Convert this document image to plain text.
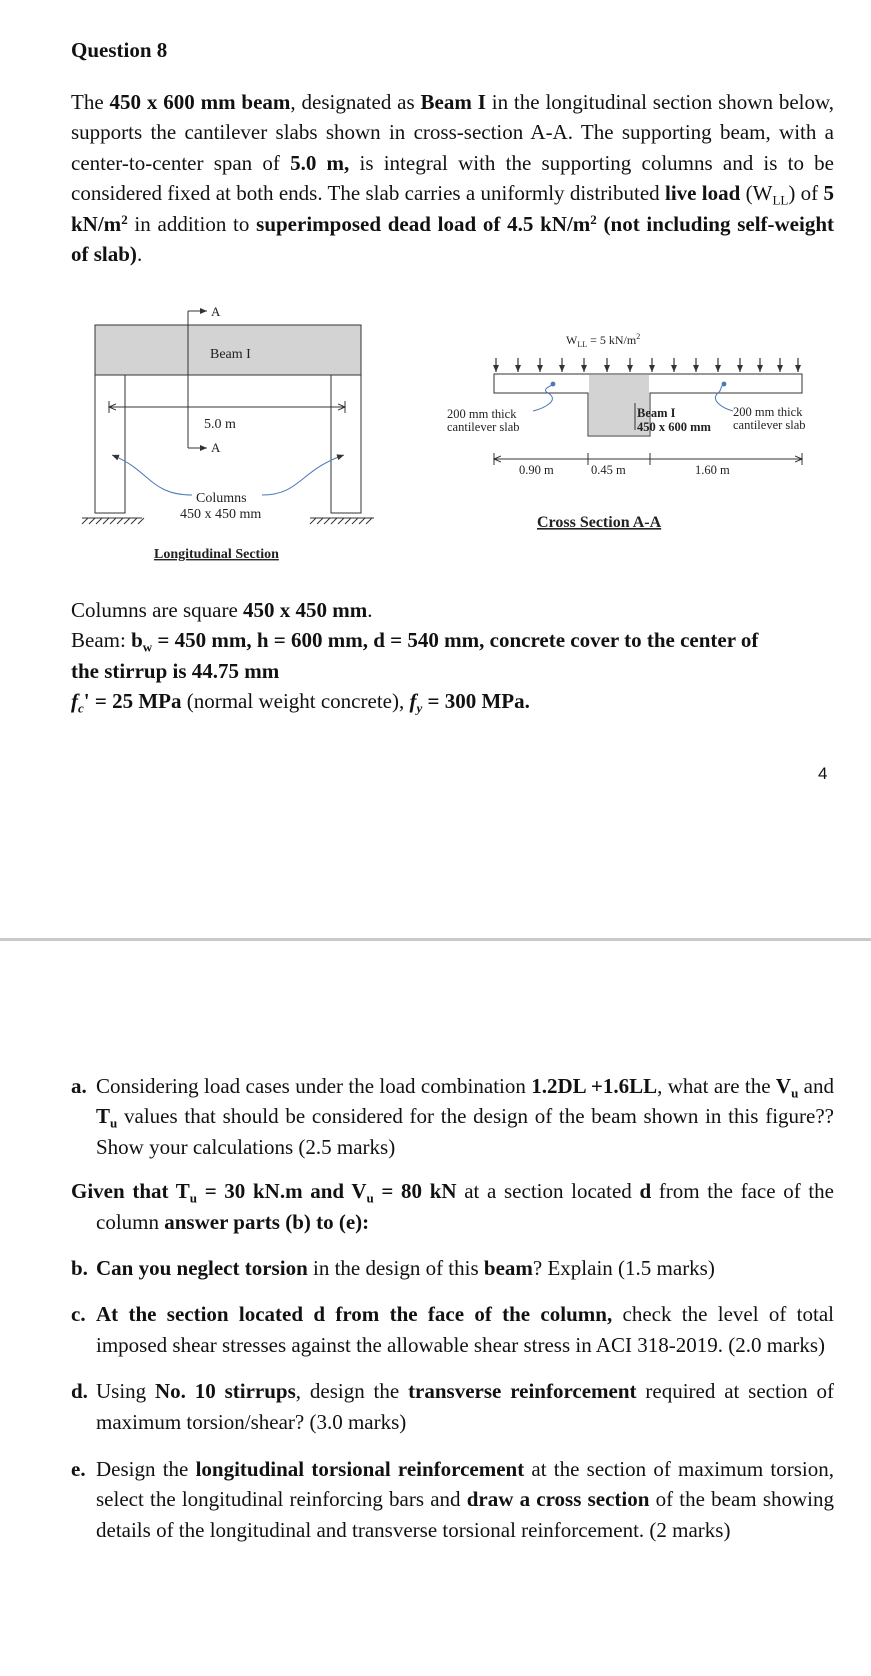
Question 8
The 450 x 600 mm beam, designated as Beam I in the longitudinal section shown below, supports the cantilever slabs shown in cross-section A-A. The supporting beam, with a center-to-center span of 5.0 m, is integral with the supporting columns and is to be considered fixed at both ends. The slab carries a uniformly distributed live load $(W_{LL})$ of 5 $kN/m^2$ in addition to superimposed dead load of 4.5 $kN/m^2$ (not including self-weight of slab).
A
A
Beam I
5.0 m
Columns
450 x 450 mm
Longitudinal Section
$W_{LL} = 5$ $kN/m^2$
200 mm thick
cantilever slab
Beam I
450 x 600 mm
200 mm thick
cantilever slab
0.90 m	0.45 m	1.60 m
Cross Section A-A
Columns are square 450 x 450 mm.
Beam: $b_w = 450$ mm, h = 600 mm, d = 540 mm, concrete cover to the center of
the stirrup is 44.75 mm
$f_c' = 25$ MPa (normal weight concrete), $f_y = 300$ MPa.
4
a. Considering load cases under the load combination 1.2DL +1.6LL, what are the $V_u$ and $T_u$ values that should be considered for the design of the beam shown in this figure?? Show your calculations (2.5 marks)
Given that $T_u = 30$ kN.m and $V_u = 80$ kN at a section located d from the face of the column answer parts (b) to (e):
b. Can you neglect torsion in the design of this beam? Explain (1.5 marks)
c. At the section located d from the face of the column, check the level of total imposed shear stresses against the allowable shear stress in ACI 318-2019. (2.0 marks)
d. Using No. 10 stirrups, design the transverse reinforcement required at section of maximum torsion/shear? (3.0 marks)
e. Design the longitudinal torsional reinforcement at the section of maximum torsion, select the longitudinal reinforcing bars and draw a cross section of the beam showing details of the longitudinal and transverse torsional reinforcement. (2 marks)
